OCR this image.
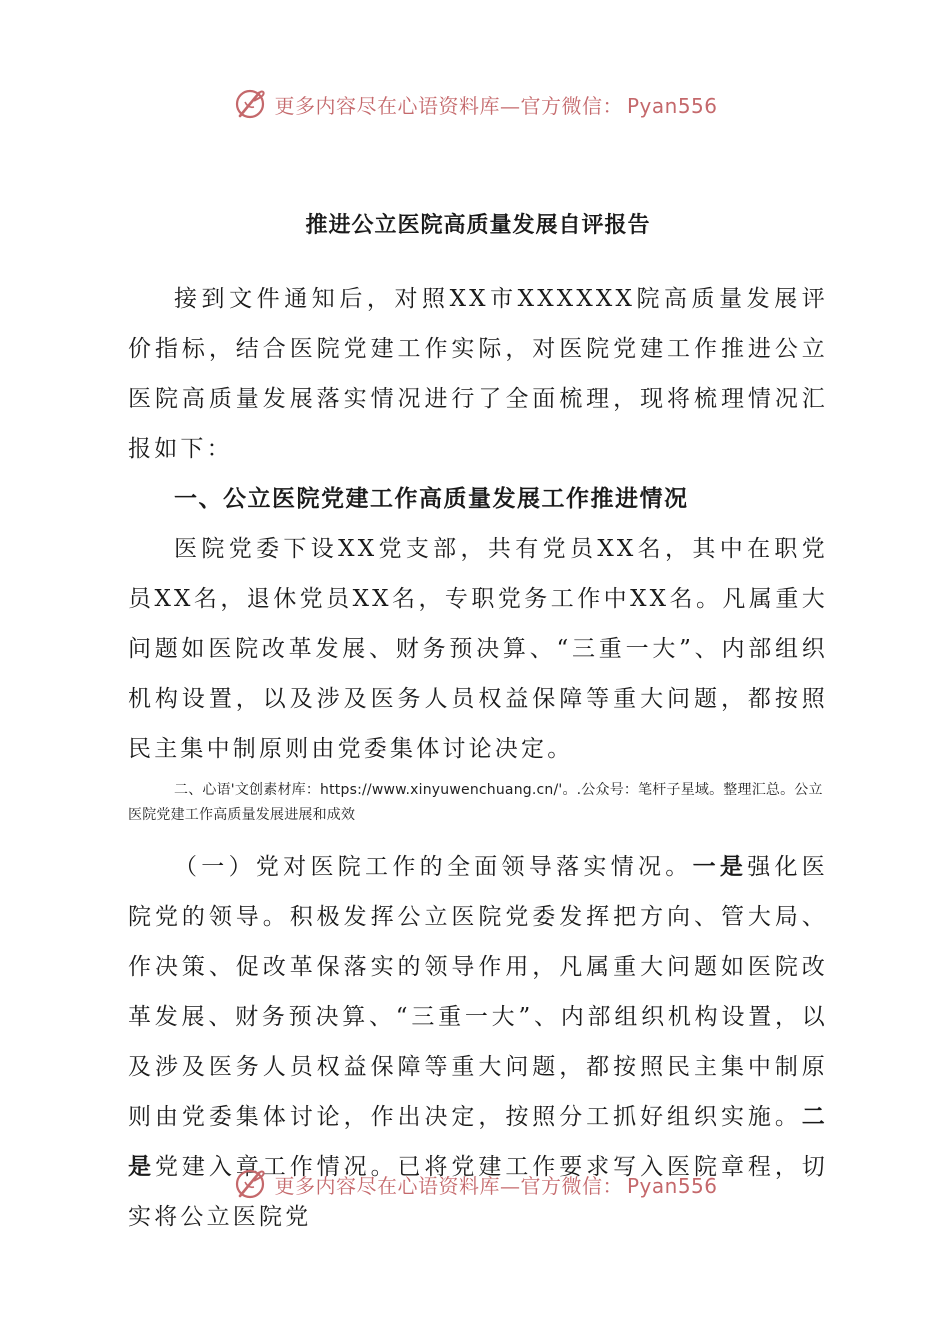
更多内容尽在心语资料库—官方微信： Pyan556
推进公立医院高质量发展自评报告

接到文件通知后，对照XX市XXXXXX院高质量发展评价指标，结合医院党建工作实际，对医院党建工作推进公立医院高质量发展落实情况进行了全面梳理，现将梳理情况汇报如下：

一、公立医院党建工作高质量发展工作推进情况

医院党委下设XX党支部，共有党员XX名，其中在职党员XX名，退休党员XX名，专职党务工作中XX名。凡属重大问题如医院改革发展、财务预决算、“三重一大”、内部组织机构设置，以及涉及医务人员权益保障等重大问题，都按照民主集中制原则由党委集体讨论决定。

二、心语'文创素材库：https://www.xinyuwenchuang.cn/'。.公众号：笔杆子星域。整理汇总。公立医院党建工作高质量发展进展和成效

（一）党对医院工作的全面领导落实情况。一是强化医院党的领导。积极发挥公立医院党委发挥把方向、管大局、作决策、促改革保落实的领导作用，凡属重大问题如医院改革发展、财务预决算、“三重一大”、内部组织机构设置，以及涉及医务人员权益保障等重大问题，都按照民主集中制原则由党委集体讨论，作出决定，按照分工抓好组织实施。二是党建入章工作情况。已将党建工作要求写入医院章程，切实将公立医院党

更多内容尽在心语资料库—官方微信： Pyan556
